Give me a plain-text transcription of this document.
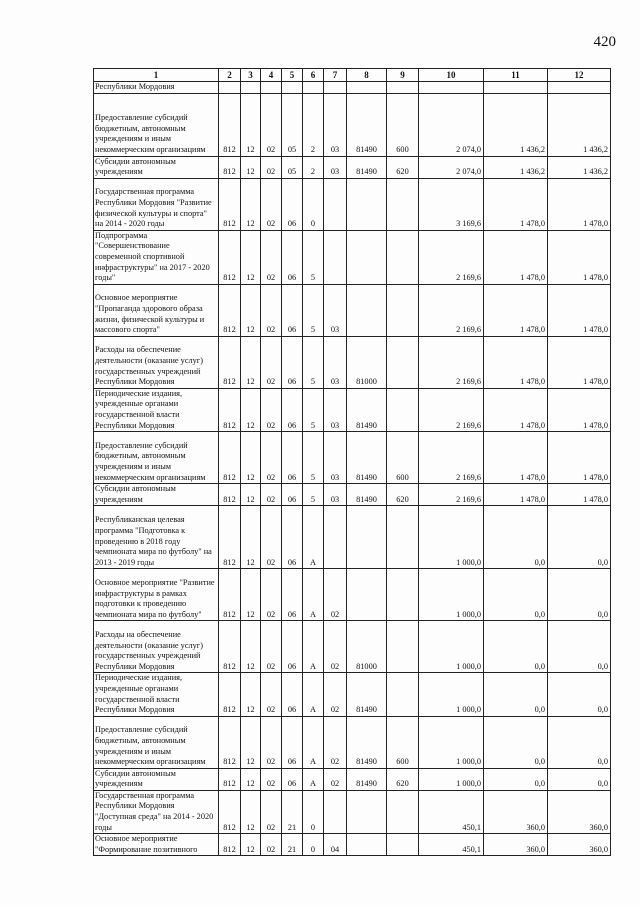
420
1	2	3	4	5	6	7	8	9	10	11	12
Республики Мордовия											
Предоставление субсидий бюджетным, автономным учреждениям и иным некоммерческим организациям	812	12	02	05	2	03	81490	600	2 074,0	1 436,2	1 436,2
Субсидии автономным учреждениям	812	12	02	05	2	03	81490	620	2 074,0	1 436,2	1 436,2
Государственная программа Республики Мордовия "Развитие физической культуры и спорта" на 2014 - 2020 годы	812	12	02	06	0				3 169,6	1 478,0	1 478,0
Подпрограмма "Совершенствование современной спортивной инфраструктуры" на 2017 - 2020 годы"	812	12	02	06	5				2 169,6	1 478,0	1 478,0
Основное мероприятие "Пропаганда здорового образа жизни, физической культуры и массового спорта"	812	12	02	06	5	03			2 169,6	1 478,0	1 478,0
Расходы на обеспечение деятельности (оказание услуг) государственных учреждений Республики Мордовия	812	12	02	06	5	03	81000		2 169,6	1 478,0	1 478,0
Периодические издания, учрежденные органами государственной власти Республики Мордовия	812	12	02	06	5	03	81490		2 169,6	1 478,0	1 478,0
Предоставление субсидий бюджетным, автономным учреждениям и иным некоммерческим организациям	812	12	02	06	5	03	81490	600	2 169,6	1 478,0	1 478,0
Субсидии автономным учреждениям	812	12	02	06	5	03	81490	620	2 169,6	1 478,0	1 478,0
Республиканская целевая программа "Подготовка к проведению в 2018 году чемпионата мира по футболу" на 2013 - 2019 годы	812	12	02	06	А				1 000,0	0,0	0,0
Основное мероприятие "Развитие инфраструктуры в рамках подготовки к проведению чемпионата мира по футболу"	812	12	02	06	А	02			1 000,0	0,0	0,0
Расходы на обеспечение деятельности (оказание услуг) государственных учреждений Республики Мордовия	812	12	02	06	А	02	81000		1 000,0	0,0	0,0
Периодические издания, учрежденные органами государственной власти Республики Мордовия	812	12	02	06	А	02	81490		1 000,0	0,0	0,0
Предоставление субсидий бюджетным, автономным учреждениям и иным некоммерческим организациям	812	12	02	06	А	02	81490	600	1 000,0	0,0	0,0
Субсидии автономным учреждениям	812	12	02	06	А	02	81490	620	1 000,0	0,0	0,0
Государственная программа Республики Мордовия "Доступная среда" на 2014 - 2020 годы	812	12	02	21	0				450,1	360,0	360,0
Основное мероприятие "Формирование позитивного	812	12	02	21	0	04			450,1	360,0	360,0
